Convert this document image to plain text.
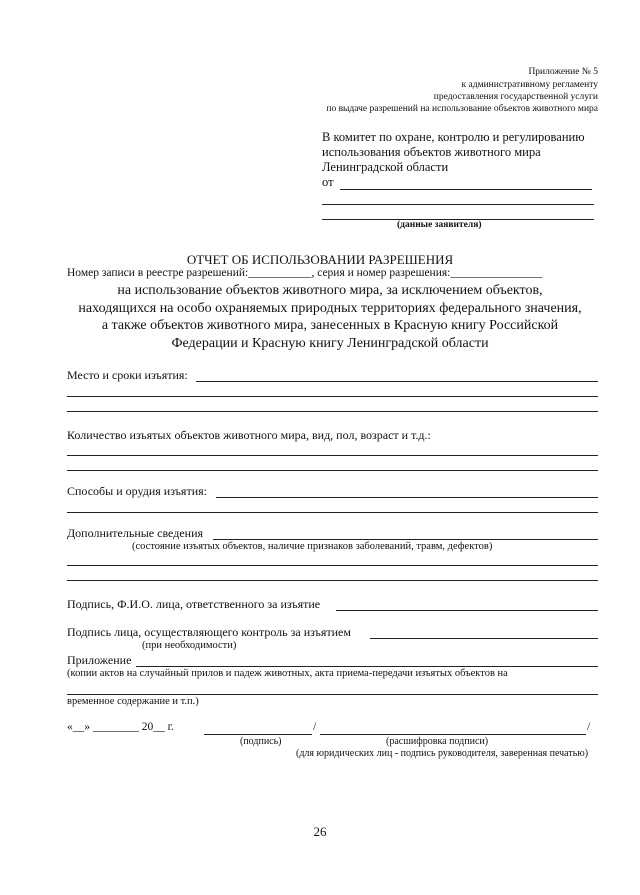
Приложение № 5
к административному регламенту
предоставления государственной услуги
по выдаче разрешений на использование объектов животного мира
В комитет по охране, контролю и регулированию
использования объектов животного мира
Ленинградской области
от
(данные заявителя)
ОТЧЕТ ОБ ИСПОЛЬЗОВАНИИ РАЗРЕШЕНИЯ
Номер записи в реестре разрешений:___________, серия и номер разрешения:________________
на использование объектов животного мира, за исключением объектов,
находящихся на особо охраняемых природных территориях федерального значения,
а также объектов животного мира, занесенных в Красную книгу Российской
Федерации и Красную книгу Ленинградской области
Место и сроки изъятия:
Количество изъятых объектов животного мира, вид, пол, возраст и т.д.:
Способы и орудия изъятия:
Дополнительные сведения
(состояние изъятых объектов, наличие признаков заболеваний, травм, дефектов)
Подпись, Ф.И.О. лица, ответственного за изъятие
Подпись лица, осуществляющего контроль за изъятием
(при необходимости)
Приложение
(копии актов на случайный прилов и падеж животных, акта приема-передачи изъятых объектов на
временное содержание и т.п.)
«__» ________ 20__ г.	/	/
(подпись)	(расшифровка подписи)
(для юридических лиц - подпись руководителя, заверенная печатью)
26
